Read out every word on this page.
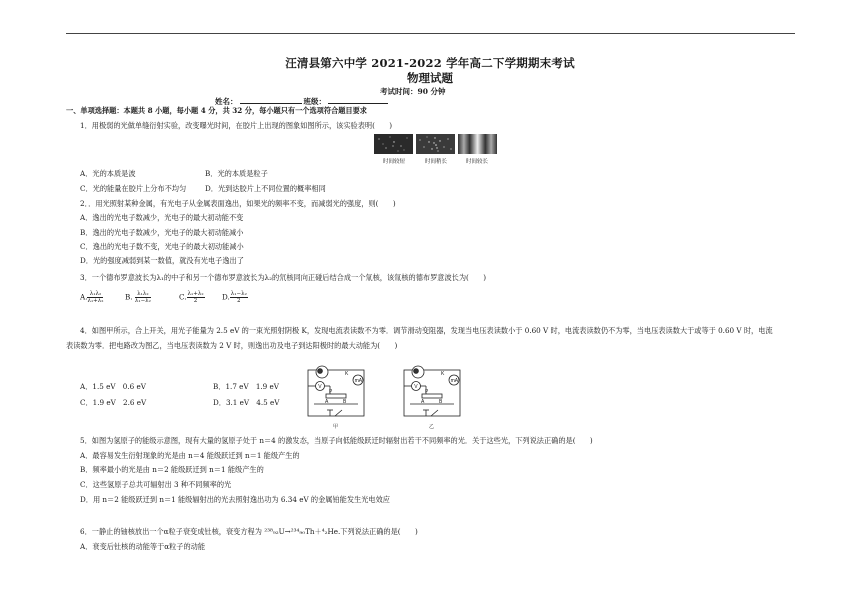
汪清县第六中学 2021-2022 学年高二下学期期末考试
物理试题
考试时间：90 分钟
姓名：	班级：
一、单项选择题：本题共 8 小题，每小题 4 分，共 32 分，每小题只有一个选项符合题目要求
1．用极弱的光做单缝衍射实验，改变曝光时间，在胶片上出现的图象如图所示，该实验表明(　　)
时间较短	时间稍长	时间较长
A．光的本质是波	B．光的本质是粒子
C．光的能量在胶片上分布不均匀	D．光到达胶片上不同位置的概率相同
2．．用光照射某种金属，有光电子从金属表面逸出，如果光的频率不变，而减弱光的强度，则(　　)
A．逸出的光电子数减少，光电子的最大初动能不变
B．逸出的光电子数减少，光电子的最大初动能减小
C．逸出的光电子数不变，光电子的最大初动能减小
D．光的强度减弱到某一数值，就没有光电子逸出了
3．一个德布罗意波长为λ₁的中子和另一个德布罗意波长为λ₂的氘核同向正碰后结合成一个氚核，该氚核的德布罗意波长为(　　)
A. $\frac{\text{λ₁λ₂}}{\text{λ₁+λ₂}}$	B. $\frac{\text{λ₁λ₂}}{\text{λ₁−λ₂}}$	C. $\frac{\text{λ₁+λ₂}}{2} D$. $\frac{\text{λ₁−λ₂}}{2}$
4．如图甲所示，合上开关，用光子能量为 2.5 eV 的一束光照射阴极 K，发现电流表读数不为零．调节滑动变阻器，发现当电压表读数小于 0.60 V 时，电流表读数仍不为零，当电压表读数大于或等于 0.60 V 时，电流
表读数为零．把电路改为图乙，当电压表读数为 2 V 时，则逸出功及电子到达阳极时的最大动能为(　　)
A．1.5 eV　0.6 eV	B．1.7 eV　1.9 eV
C．1.9 eV　2.6 eV	D．3.1 eV　4.5 eV
V
mA
K
P
A	B
甲
V
mA
K
P
A	B
乙
5．如图为氢原子的能级示意图，现有大量的氢原子处于 n＝4 的激发态，当原子向低能级跃迁时辐射出若干不同频率的光．关于这些光，下列说法正确的是(　　)
A．最容易发生衍射现象的光是由 n＝4 能级跃迁到 n＝1 能级产生的
B．频率最小的光是由 n＝2 能级跃迁到 n＝1 能级产生的
C．这些氢原子总共可辐射出 3 种不同频率的光
D．用 n＝2 能级跃迁到 n＝1 能级辐射出的光去照射逸出功为 6.34 eV 的金属铂能发生光电效应
6．一静止的铀核放出一个α粒子衰变成钍核，衰变方程为 ²³⁸₉₂U→²³⁴₉₀Th＋⁴₂He.下列说法正确的是(　　)
A．衰变后钍核的动能等于α粒子的动能
